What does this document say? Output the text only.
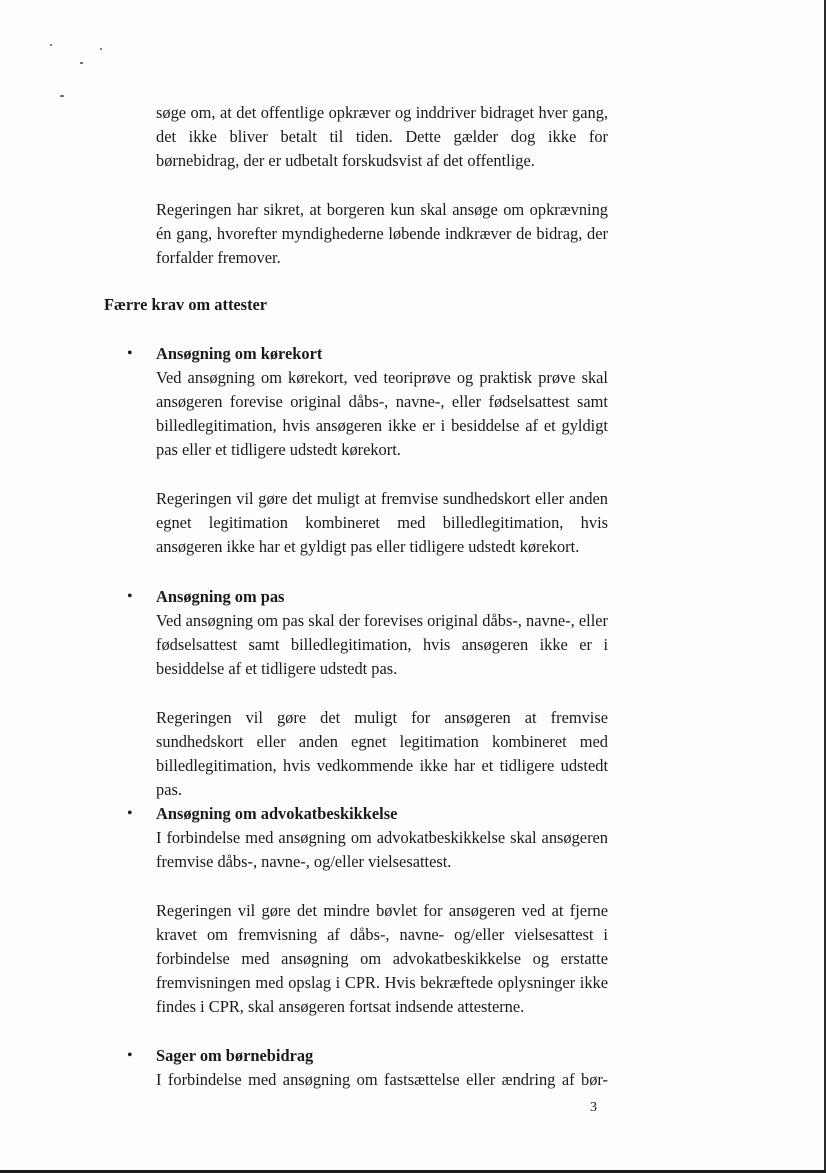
søge om, at det offentlige opkræver og inddriver bidraget hver gang, det ikke bliver betalt til tiden. Dette gælder dog ikke for børnebidrag, der er udbetalt forskudsvist af det offentlige.

Regeringen har sikret, at borgeren kun skal ansøge om opkrævning én gang, hvorefter myndighederne løbende indkræver de bidrag, der forfalder fremover.

Færre krav om attester
• Ansøgning om kørekort

Ved ansøgning om kørekort, ved teoriprøve og praktisk prøve skal ansøgeren forevise original dåbs-, navne-, eller fødselsattest samt billedlegitimation, hvis ansøgeren ikke er i besiddelse af et gyldigt pas eller et tidligere udstedt kørekort.

Regeringen vil gøre det muligt at fremvise sundhedskort eller anden egnet legitimation kombineret med billedlegitimation, hvis ansøgeren ikke har et gyldigt pas eller tidligere udstedt kørekort.

• Ansøgning om pas

Ved ansøgning om pas skal der forevises original dåbs-, navne-, eller fødselsattest samt billedlegitimation, hvis ansøgeren ikke er i besiddelse af et tidligere udstedt pas.

Regeringen vil gøre det muligt for ansøgeren at fremvise sundhedskort eller anden egnet legitimation kombineret med billedlegitimation, hvis vedkommende ikke har et tidligere udstedt pas.

• Ansøgning om advokatbeskikkelse

I forbindelse med ansøgning om advokatbeskikkelse skal ansøgeren fremvise dåbs-, navne-, og/eller vielsesattest.

Regeringen vil gøre det mindre bøvlet for ansøgeren ved at fjerne kravet om fremvisning af dåbs-, navne- og/eller vielsesattest i forbindelse med ansøgning om advokatbeskikkelse og erstatte fremvisningen med opslag i CPR. Hvis bekræftede oplysninger ikke findes i CPR, skal ansøgeren fortsat indsende attesterne.

• Sager om børnebidrag

I forbindelse med ansøgning om fastsættelse eller ændring af bør-

3
